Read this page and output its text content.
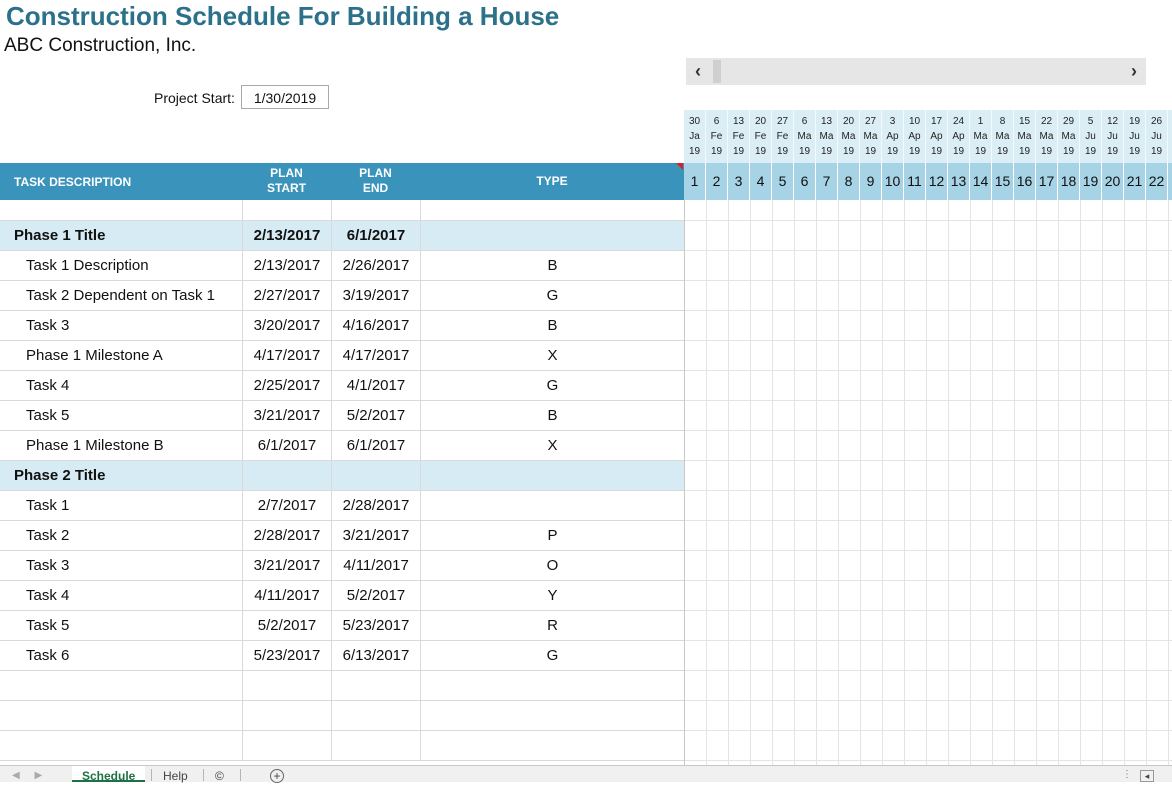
Construction Schedule For Building a House
ABC Construction, Inc.
Project Start:	1/30/2019
‹	›
30
Ja
19
6
Fe
19
13
Fe
19
20
Fe
19
27
Fe
19
6
Ma
19
13
Ma
19
20
Ma
19
27
Ma
19
3
Ap
19
10
Ap
19
17
Ap
19
24
Ap
19
1
Ma
19
8
Ma
19
15
Ma
19
22
Ma
19
29
Ma
19
5
Ju
19
12
Ju
19
19
Ju
19
26
Ju
19
TASK DESCRIPTION
PLAN
START
PLAN
END	TYPE	1	2	3	4	5	6	7	8	9 10 11 12 13 14 15 16 17 18 19 20 21 22
Phase 1 Title	2/13/2017	6/1/2017
Task 1 Description	2/13/2017	2/26/2017	B
Task 2 Dependent on Task 1	2/27/2017	3/19/2017	G
Task 3	3/20/2017	4/16/2017	B
Phase 1 Milestone A	4/17/2017	4/17/2017	X
Task 4	2/25/2017	4/1/2017	G
Task 5	3/21/2017	5/2/2017	B
Phase 1 Milestone B	6/1/2017	6/1/2017	X
Phase 2 Title
Task 1	2/7/2017	2/28/2017
Task 2	2/28/2017	3/21/2017	P
Task 3	3/21/2017	4/11/2017	O
Task 4	4/11/2017	5/2/2017	Y
Task 5	5/2/2017	5/23/2017	R
Task 6	5/23/2017	6/13/2017	G
◀ ▶	Schedule	Help	©	+	⋮	◂
